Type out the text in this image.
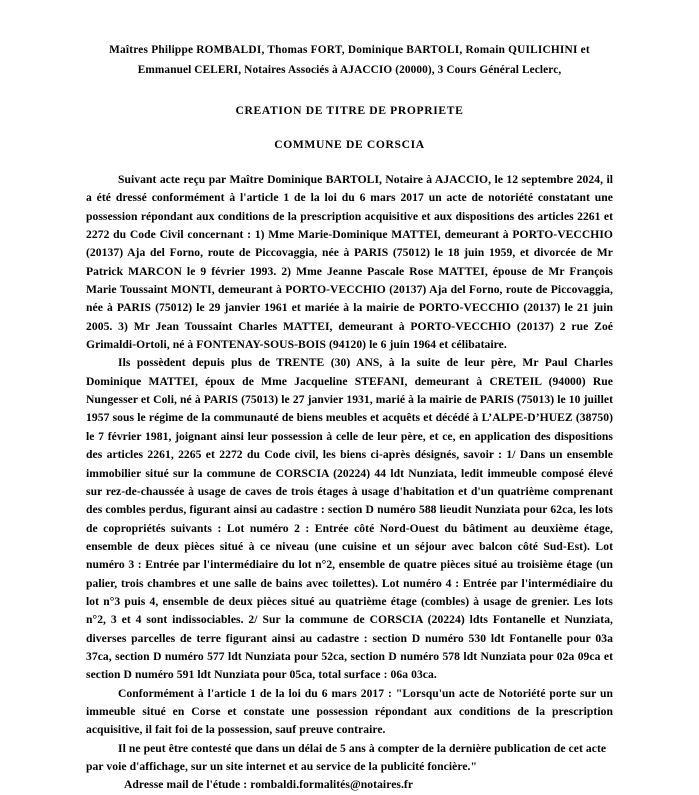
Maîtres Philippe ROMBALDI, Thomas FORT, Dominique BARTOLI, Romain QUILICHINI et
Emmanuel CELERI, Notaires Associés à AJACCIO (20000), 3 Cours Général Leclerc,
CREATION DE TITRE DE PROPRIETE
COMMUNE DE CORSCIA

Suivant acte reçu par Maître Dominique BARTOLI, Notaire à AJACCIO, le 12 septembre 2024, il a été dressé conformément à l'article 1 de la loi du 6 mars 2017 un acte de notoriété constatant une possession répondant aux conditions de la prescription acquisitive et aux dispositions des articles 2261 et 2272 du Code Civil concernant : 1) Mme Marie-Dominique MATTEI, demeurant à PORTO-VECCHIO (20137) Aja del Forno, route de Piccovaggia, née à PARIS (75012) le 18 juin 1959, et divorcée de Mr Patrick MARCON le 9 février 1993. 2) Mme Jeanne Pascale Rose MATTEI, épouse de Mr François Marie Toussaint MONTI, demeurant à PORTO-VECCHIO (20137) Aja del Forno, route de Piccovaggia, née à PARIS (75012) le 29 janvier 1961 et mariée à la mairie de PORTO-VECCHIO (20137) le 21 juin 2005. 3) Mr Jean Toussaint Charles MATTEI, demeurant à PORTO-VECCHIO (20137) 2 rue Zoé Grimaldi-Ortoli, né à FONTENAY-SOUS-BOIS (94120) le 6 juin 1964 et célibataire.

Ils possèdent depuis plus de TRENTE (30) ANS, à la suite de leur père, Mr Paul Charles Dominique MATTEI, époux de Mme Jacqueline STEFANI, demeurant à CRETEIL (94000) Rue Nungesser et Coli, né à PARIS (75013) le 27 janvier 1931, marié à la mairie de PARIS (75013) le 10 juillet 1957 sous le régime de la communauté de biens meubles et acquêts et décédé à L’ALPE-D’HUEZ (38750) le 7 février 1981, joignant ainsi leur possession à celle de leur père, et ce, en application des dispositions des articles 2261, 2265 et 2272 du Code civil, les biens ci-après désignés, savoir : 1/ Dans un ensemble immobilier situé sur la commune de CORSCIA (20224) 44 ldt Nunziata, ledit immeuble composé élevé sur rez-de-chaussée à usage de caves de trois étages à usage d'habitation et d'un quatrième comprenant des combles perdus, figurant ainsi au cadastre : section D numéro 588 lieudit Nunziata pour 62ca, les lots de copropriétés suivants : Lot numéro 2 : Entrée côté Nord-Ouest du bâtiment au deuxième étage, ensemble de deux pièces situé à ce niveau (une cuisine et un séjour avec balcon côté Sud-Est). Lot numéro 3 : Entrée par l'intermédiaire du lot n°2, ensemble de quatre pièces situé au troisième étage (un palier, trois chambres et une salle de bains avec toilettes). Lot numéro 4 : Entrée par l'intermédiaire du lot n°3 puis 4, ensemble de deux pièces situé au quatrième étage (combles) à usage de grenier. Les lots n°2, 3 et 4 sont indissociables. 2/ Sur la commune de CORSCIA (20224) ldts Fontanelle et Nunziata, diverses parcelles de terre figurant ainsi au cadastre : section D numéro 530 ldt Fontanelle pour 03a 37ca, section D numéro 577 ldt Nunziata pour 52ca, section D numéro 578 ldt Nunziata pour 02a 09ca et section D numéro 591 ldt Nunziata pour 05ca, total surface : 06a 03ca.

Conformément à l'article 1 de la loi du 6 mars 2017 : "Lorsqu'un acte de Notoriété porte sur un immeuble situé en Corse et constate une possession répondant aux conditions de la prescription acquisitive, il fait foi de la possession, sauf preuve contraire.

Il ne peut être contesté que dans un délai de 5 ans à compter de la dernière publication de cet acte par voie d'affichage, sur un site internet et au service de la publicité foncière."

Adresse mail de l'étude : rombaldi.formalités@notaires.fr
